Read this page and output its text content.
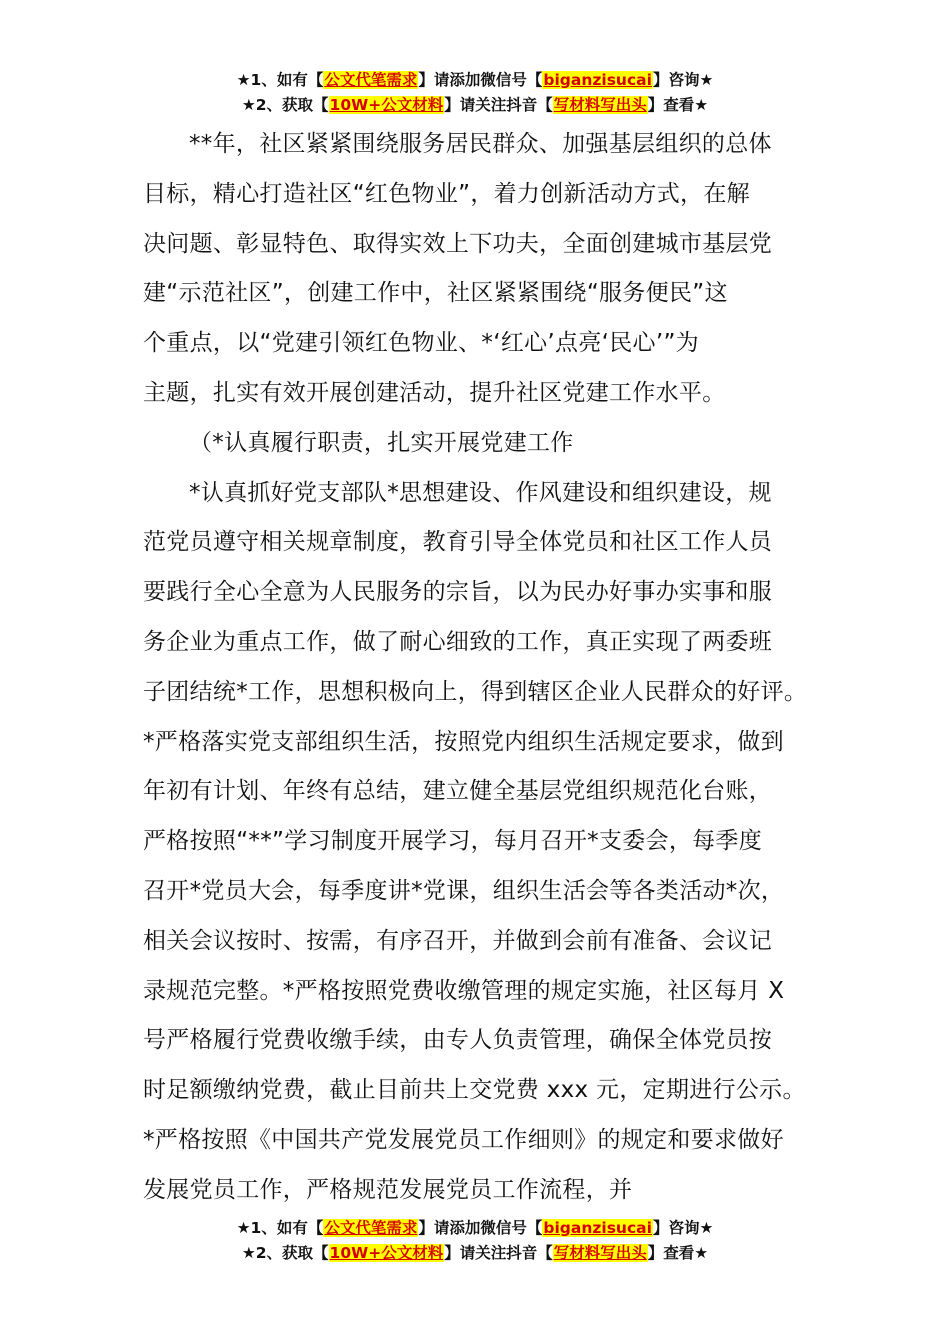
★1、如有【公文代笔需求】请添加微信号【biganzisucai】咨询★
★2、获取【10W+公文材料】请关注抖音【写材料写出头】查看★

**年，社区紧紧围绕服务居民群众、加强基层组织的总体

目标，精心打造社区“红色物业”，着力创新活动方式，在解

决问题、彰显特色、取得实效上下功夫，全面创建城市基层党

建“示范社区”，创建工作中，社区紧紧围绕“服务便民”这

个重点，以“党建引领红色物业、*‘红心’点亮‘民心’”为

主题，扎实有效开展创建活动，提升社区党建工作水平。

（*认真履行职责，扎实开展党建工作

*认真抓好党支部队*思想建设、作风建设和组织建设，规

范党员遵守相关规章制度，教育引导全体党员和社区工作人员

要践行全心全意为人民服务的宗旨，以为民办好事办实事和服

务企业为重点工作，做了耐心细致的工作，真正实现了两委班

子团结统*工作，思想积极向上，得到辖区企业人民群众的好评。

*严格落实党支部组织生活，按照党内组织生活规定要求，做到

年初有计划、年终有总结，建立健全基层党组织规范化台账，

严格按照“**”学习制度开展学习，每月召开*支委会，每季度

召开*党员大会，每季度讲*党课，组织生活会等各类活动*次，

相关会议按时、按需，有序召开，并做到会前有准备、会议记

录规范完整。*严格按照党费收缴管理的规定实施，社区每月 X

号严格履行党费收缴手续，由专人负责管理，确保全体党员按

时足额缴纳党费，截止目前共上交党费 xxx 元，定期进行公示。

*严格按照《中国共产党发展党员工作细则》的规定和要求做好

发展党员工作，严格规范发展党员工作流程，并

★1、如有【公文代笔需求】请添加微信号【biganzisucai】咨询★
★2、获取【10W+公文材料】请关注抖音【写材料写出头】查看★
